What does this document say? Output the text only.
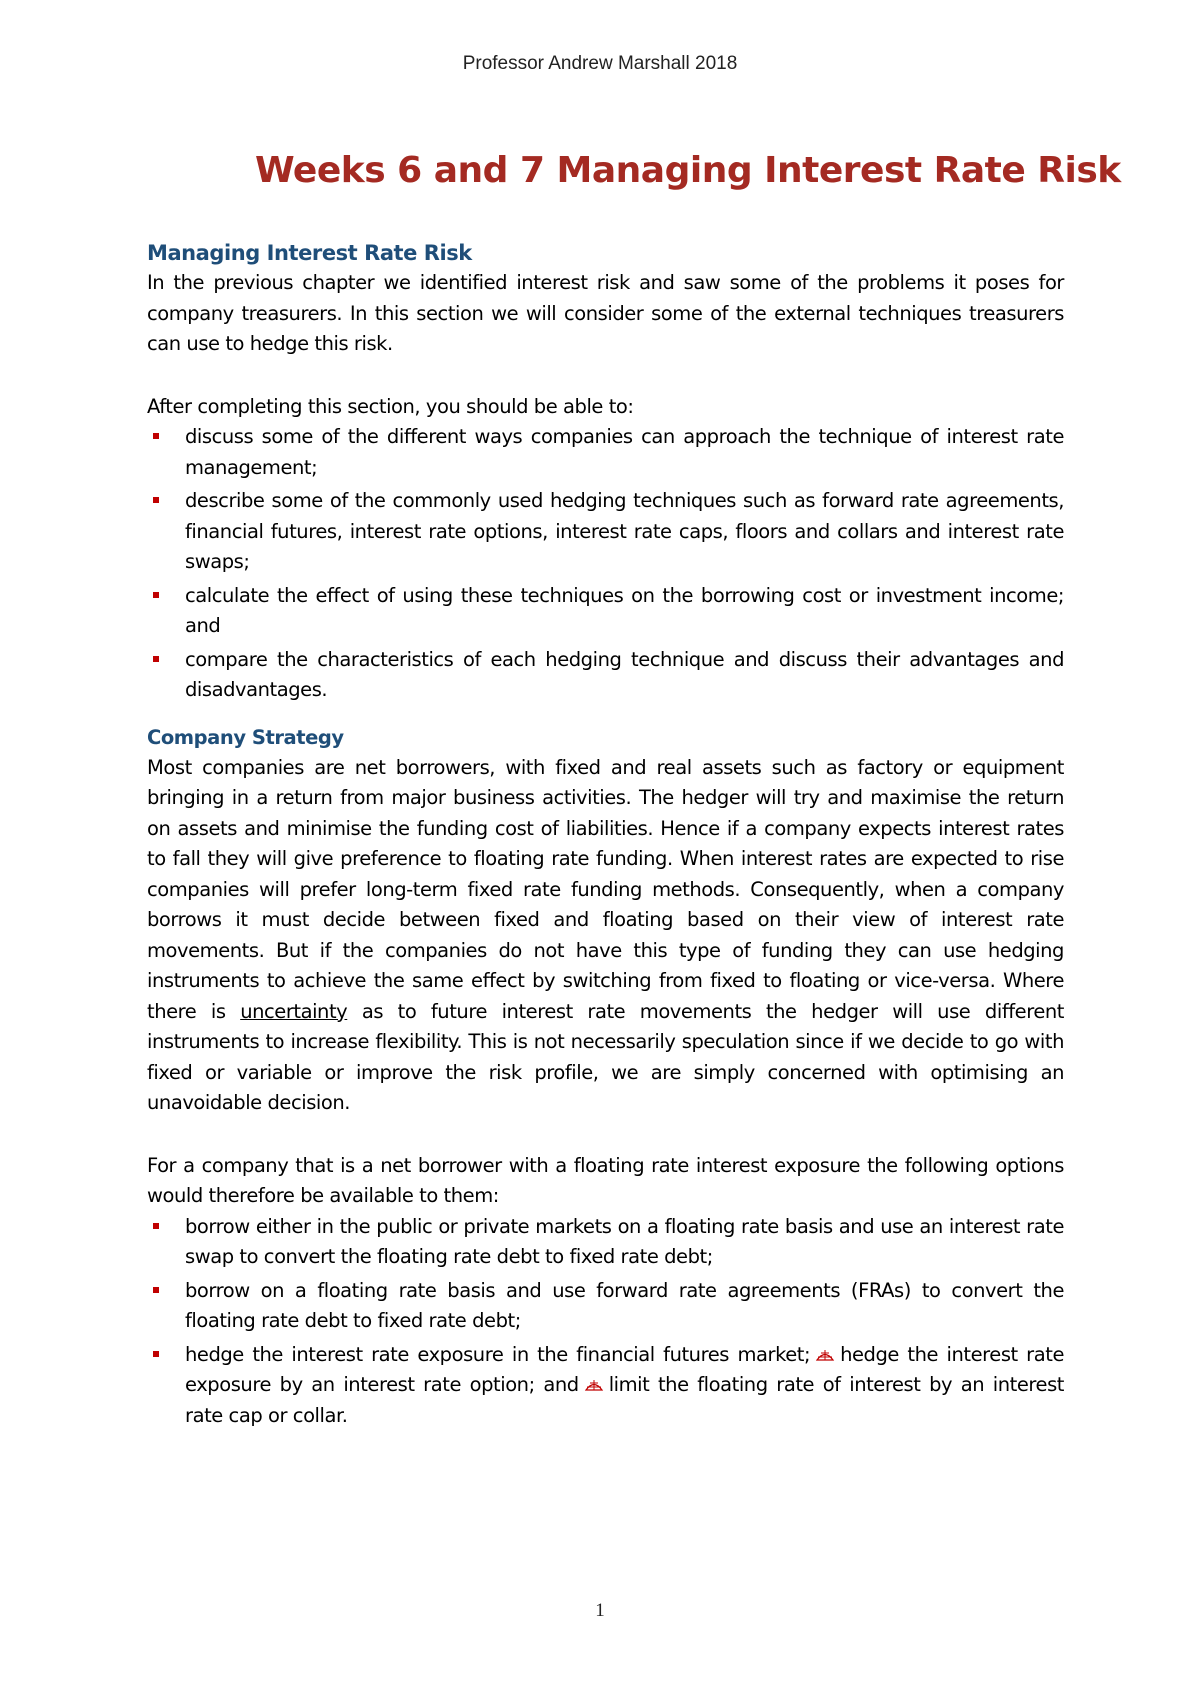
Professor Andrew Marshall 2018
Weeks 6 and 7 Managing Interest Rate Risk
Managing Interest Rate Risk

In the previous chapter we identified interest risk and saw some of the problems it poses for company treasurers. In this section we will consider some of the external techniques treasurers can use to hedge this risk.

After completing this section, you should be able to:

discuss some of the different ways companies can approach the technique of interest rate management;
describe some of the commonly used hedging techniques such as forward rate agreements, financial futures, interest rate options, interest rate caps, floors and collars and interest rate swaps;
calculate the effect of using these techniques on the borrowing cost or investment income; and
compare the characteristics of each hedging technique and discuss their advantages and disadvantages.
Company Strategy

Most companies are net borrowers, with fixed and real assets such as factory or equipment bringing in a return from major business activities. The hedger will try and maximise the return on assets and minimise the funding cost of liabilities. Hence if a company expects interest rates to fall they will give preference to floating rate funding. When interest rates are expected to rise companies will prefer long-term fixed rate funding methods. Consequently, when a company borrows it must decide between fixed and floating based on their view of interest rate movements. But if the companies do not have this type of funding they can use hedging instruments to achieve the same effect by switching from fixed to floating or vice-versa. Where there is uncertainty as to future interest rate movements the hedger will use different instruments to increase flexibility. This is not necessarily speculation since if we decide to go with fixed or variable or improve the risk profile, we are simply concerned with optimising an unavoidable decision.

For a company that is a net borrower with a floating rate interest exposure the following options would therefore be available to them:

borrow either in the public or private markets on a floating rate basis and use an interest rate swap to convert the floating rate debt to fixed rate debt;
borrow on a floating rate basis and use forward rate agreements (FRAs) to convert the floating rate debt to fixed rate debt;
hedge the interest rate exposure in the financial futures market; hedge the interest rate exposure by an interest rate option; and limit the floating rate of interest by an interest rate cap or collar.
1
